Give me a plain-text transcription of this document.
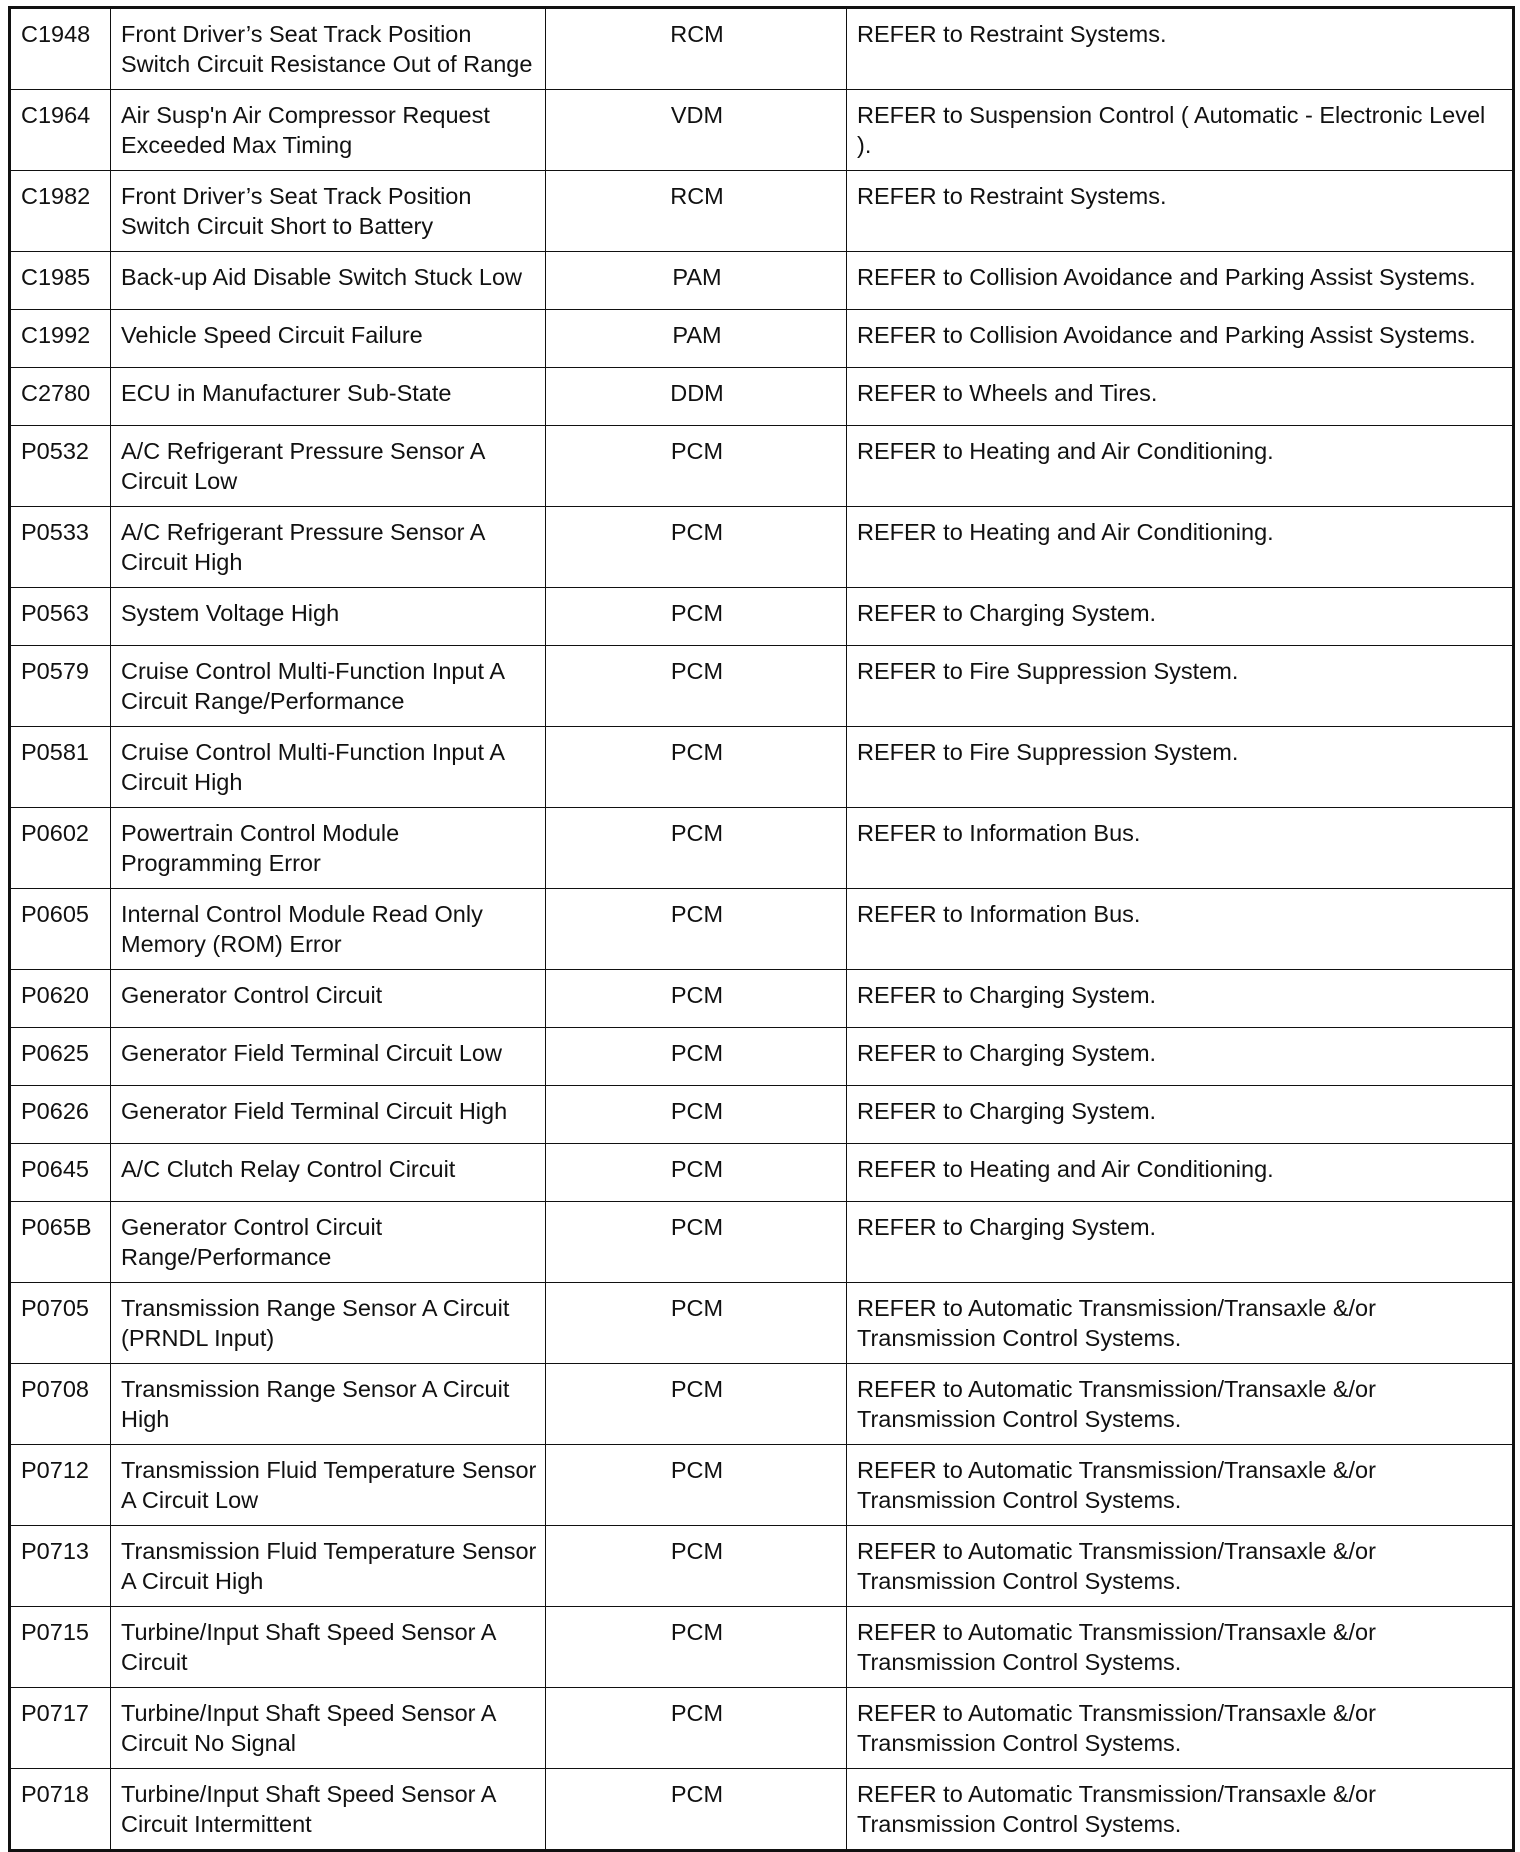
C1948	Front Driver’s Seat Track Position Switch Circuit Resistance Out of Range	RCM	REFER to Restraint Systems.
C1964	Air Susp'n Air Compressor Request Exceeded Max Timing	VDM	REFER to Suspension Control ( Automatic - Electronic Level ).
C1982	Front Driver’s Seat Track Position Switch Circuit Short to Battery	RCM	REFER to Restraint Systems.
C1985	Back-up Aid Disable Switch Stuck Low	PAM	REFER to Collision Avoidance and Parking Assist Systems.
C1992	Vehicle Speed Circuit Failure	PAM	REFER to Collision Avoidance and Parking Assist Systems.
C2780	ECU in Manufacturer Sub-State	DDM	REFER to Wheels and Tires.
P0532	A/C Refrigerant Pressure Sensor A Circuit Low	PCM	REFER to Heating and Air Conditioning.
P0533	A/C Refrigerant Pressure Sensor A Circuit High	PCM	REFER to Heating and Air Conditioning.
P0563	System Voltage High	PCM	REFER to Charging System.
P0579	Cruise Control Multi-Function Input A Circuit Range/Performance	PCM	REFER to Fire Suppression System.
P0581	Cruise Control Multi-Function Input A Circuit High	PCM	REFER to Fire Suppression System.
P0602	Powertrain Control Module Programming Error	PCM	REFER to Information Bus.
P0605	Internal Control Module Read Only Memory (ROM) Error	PCM	REFER to Information Bus.
P0620	Generator Control Circuit	PCM	REFER to Charging System.
P0625	Generator Field Terminal Circuit Low	PCM	REFER to Charging System.
P0626	Generator Field Terminal Circuit High	PCM	REFER to Charging System.
P0645	A/C Clutch Relay Control Circuit	PCM	REFER to Heating and Air Conditioning.
P065B	Generator Control Circuit Range/Performance	PCM	REFER to Charging System.
P0705	Transmission Range Sensor A Circuit (PRNDL Input)	PCM	REFER to Automatic Transmission/Transaxle &/or Transmission Control Systems.
P0708	Transmission Range Sensor A Circuit High	PCM	REFER to Automatic Transmission/Transaxle &/or Transmission Control Systems.
P0712	Transmission Fluid Temperature Sensor A Circuit Low	PCM	REFER to Automatic Transmission/Transaxle &/or Transmission Control Systems.
P0713	Transmission Fluid Temperature Sensor A Circuit High	PCM	REFER to Automatic Transmission/Transaxle &/or Transmission Control Systems.
P0715	Turbine/Input Shaft Speed Sensor A Circuit	PCM	REFER to Automatic Transmission/Transaxle &/or Transmission Control Systems.
P0717	Turbine/Input Shaft Speed Sensor A Circuit No Signal	PCM	REFER to Automatic Transmission/Transaxle &/or Transmission Control Systems.
P0718	Turbine/Input Shaft Speed Sensor A Circuit Intermittent	PCM	REFER to Automatic Transmission/Transaxle &/or Transmission Control Systems.
